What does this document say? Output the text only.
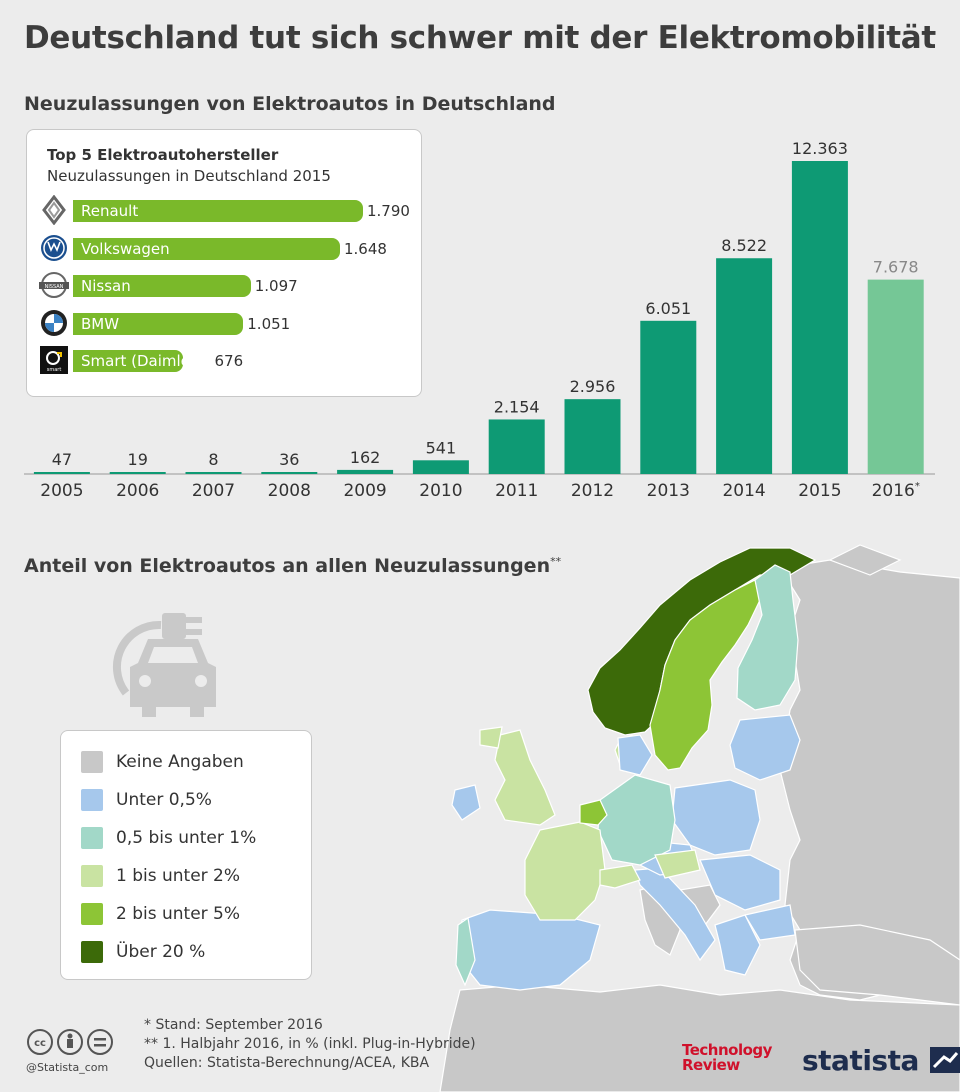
Deutschland tut sich schwer mit der Elektromobilität
Neuzulassungen von Elektroautos in Deutschland
47
2005
19
2006
8
2007
36
2008
162
2009
541
2010
2.154
2011
2.956
2012
6.051
2013
8.522
2014
12.363
2015
7.678
2016*
Top 5 Elektroautohersteller
Neuzulassungen in Deutschland 2015
Renault	1.790
Volkswagen	1.648
NISSAN Nissan	1.097
BMW	1.051
smart Smart (Daimler) 676
Anteil von Elektroautos an allen Neuzulassungen**
Keine Angaben
Unter 0,5%
0,5 bis unter 1%
1 bis unter 2%
2 bis unter 5%
Über 20 %
cc
@Statista_com
* Stand: September 2016
** 1. Halbjahr 2016, in % (inkl. Plug-in-Hybride)
Quellen: Statista-Berechnung/ACEA, KBA
Technology
Review	statista
